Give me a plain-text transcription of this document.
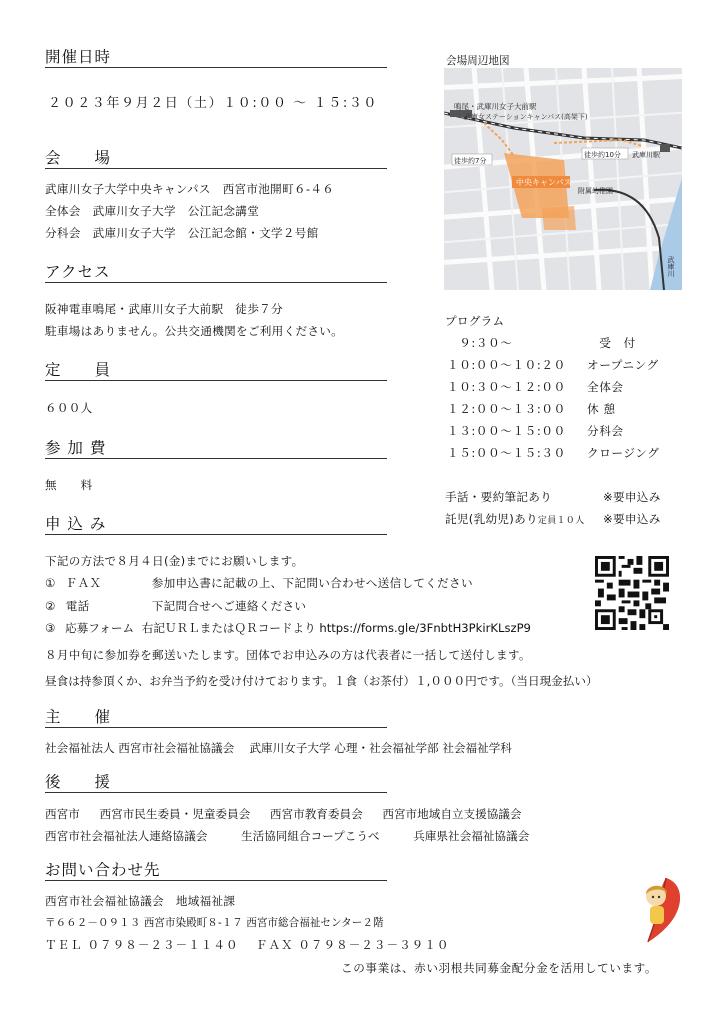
開催日時
２０２３年９月２日（土）１０:００ ～ １５:３０
会　　場
武庫川女子大学中央キャンパス　西宮市池開町６-４６
全体会　武庫川女子大学　公江記念講堂
分科会　武庫川女子大学　公江記念館・文学２号館
アクセス
阪神電車鳴尾・武庫川女子大前駅　徒歩７分
駐車場はありません。公共交通機関をご利用ください。
定　　員
６００人
参 加 費
無　　料
申 込 み
下記の方法で８月４日(金)までにお願いします。
① ＦＡＸ	参加申込書に記載の上、下記問い合わせへ送信してください
② 電話	下記問合せへご連絡ください
③ 応募フォーム 右記ＵＲＬまたはＱＲコードより https://forms.gle/3FnbtH3PkirKLszP9
８月中旬に参加券を郵送いたします。団体でお申込みの方は代表者に一括して送付します。
昼食は持参頂くか、お弁当予約を受け付けております。１食（お茶付）１,０００円です。（当日現金払い）
会場周辺地図
鳴尾・武庫川女子大前駅
武庫女ステーションキャンパス(高架下)
徒歩約7分
徒歩約10分 武庫川駅
中央キャンパス
附属幼稚園
武庫川
プログラム
　９:３０～	　受　付
１０:００～１０:２０ オープニング
１０:３０～１２:００ 全体会
１２:００～１３:００ 休 憩
１３:００～１５:００ 分科会
１５:００～１５:３０ クロージング
手話・要約筆記あり	※要申込み
託児(乳幼児)あり定員１０人 ※要申込み
主　　催
社会福祉法人 西宮市社会福祉協議会　 武庫川女子大学 心理・社会福祉学部 社会福祉学科
後　　援
西宮市 西宮市民生委員・児童委員会 西宮市教育委員会 西宮市地域自立支援協議会
西宮市社会福祉法人連絡協議会	生活協同組合コープこうべ	兵庫県社会福祉協議会
お問い合わせ先
西宮市社会福祉協議会　地域福祉課
〒６６２－０９１３ 西宮市染殿町８-１７ 西宮市総合福祉センター２階
ＴＥＬ ０７９８－２３－１１４０　 ＦＡＸ ０７９８－２３－３９１０
この事業は、赤い羽根共同募金配分金を活用しています。
